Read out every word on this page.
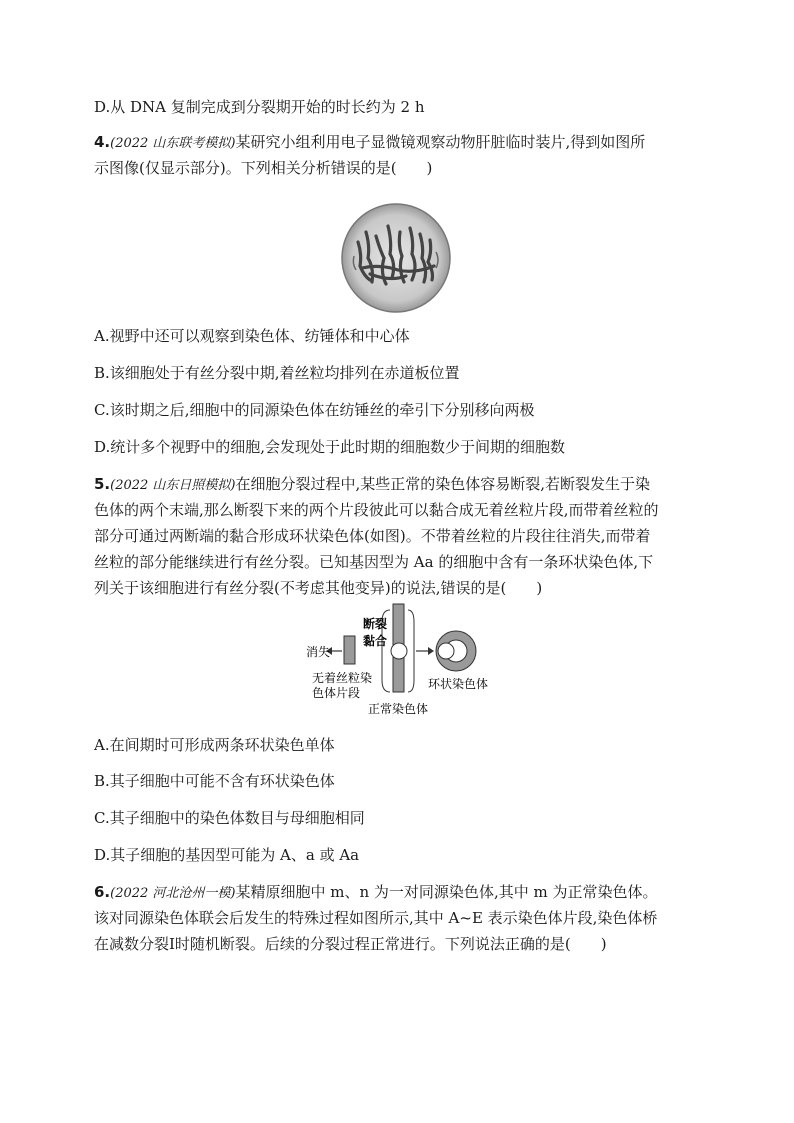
D.从 DNA 复制完成到分裂期开始的时长约为 2 h
4.(2022 山东联考模拟)某研究小组利用电子显微镜观察动物肝脏临时装片,得到如图所
示图像(仅显示部分)。下列相关分析错误的是(　　)
A.视野中还可以观察到染色体、纺锤体和中心体
B.该细胞处于有丝分裂中期,着丝粒均排列在赤道板位置
C.该时期之后,细胞中的同源染色体在纺锤丝的牵引下分别移向两极
D.统计多个视野中的细胞,会发现处于此时期的细胞数少于间期的细胞数
5.(2022 山东日照模拟)在细胞分裂过程中,某些正常的染色体容易断裂,若断裂发生于染
色体的两个末端,那么断裂下来的两个片段彼此可以黏合成无着丝粒片段,而带着丝粒的
部分可通过两断端的黏合形成环状染色体(如图)。不带着丝粒的片段往往消失,而带着
丝粒的部分能继续进行有丝分裂。已知基因型为 Aa 的细胞中含有一条环状染色体,下
列关于该细胞进行有丝分裂(不考虑其他变异)的说法,错误的是(　　)
消失
断裂
黏合
无着丝粒染
色体片段
环状染色体
正常染色体
A.在间期时可形成两条环状染色单体
B.其子细胞中可能不含有环状染色体
C.其子细胞中的染色体数目与母细胞相同
D.其子细胞的基因型可能为 A、a 或 Aa
6.(2022 河北沧州一模)某精原细胞中 m、n 为一对同源染色体,其中 m 为正常染色体。
该对同源染色体联会后发生的特殊过程如图所示,其中 A~E 表示染色体片段,染色体桥
在减数分裂Ⅰ时随机断裂。后续的分裂过程正常进行。下列说法正确的是(　　)
